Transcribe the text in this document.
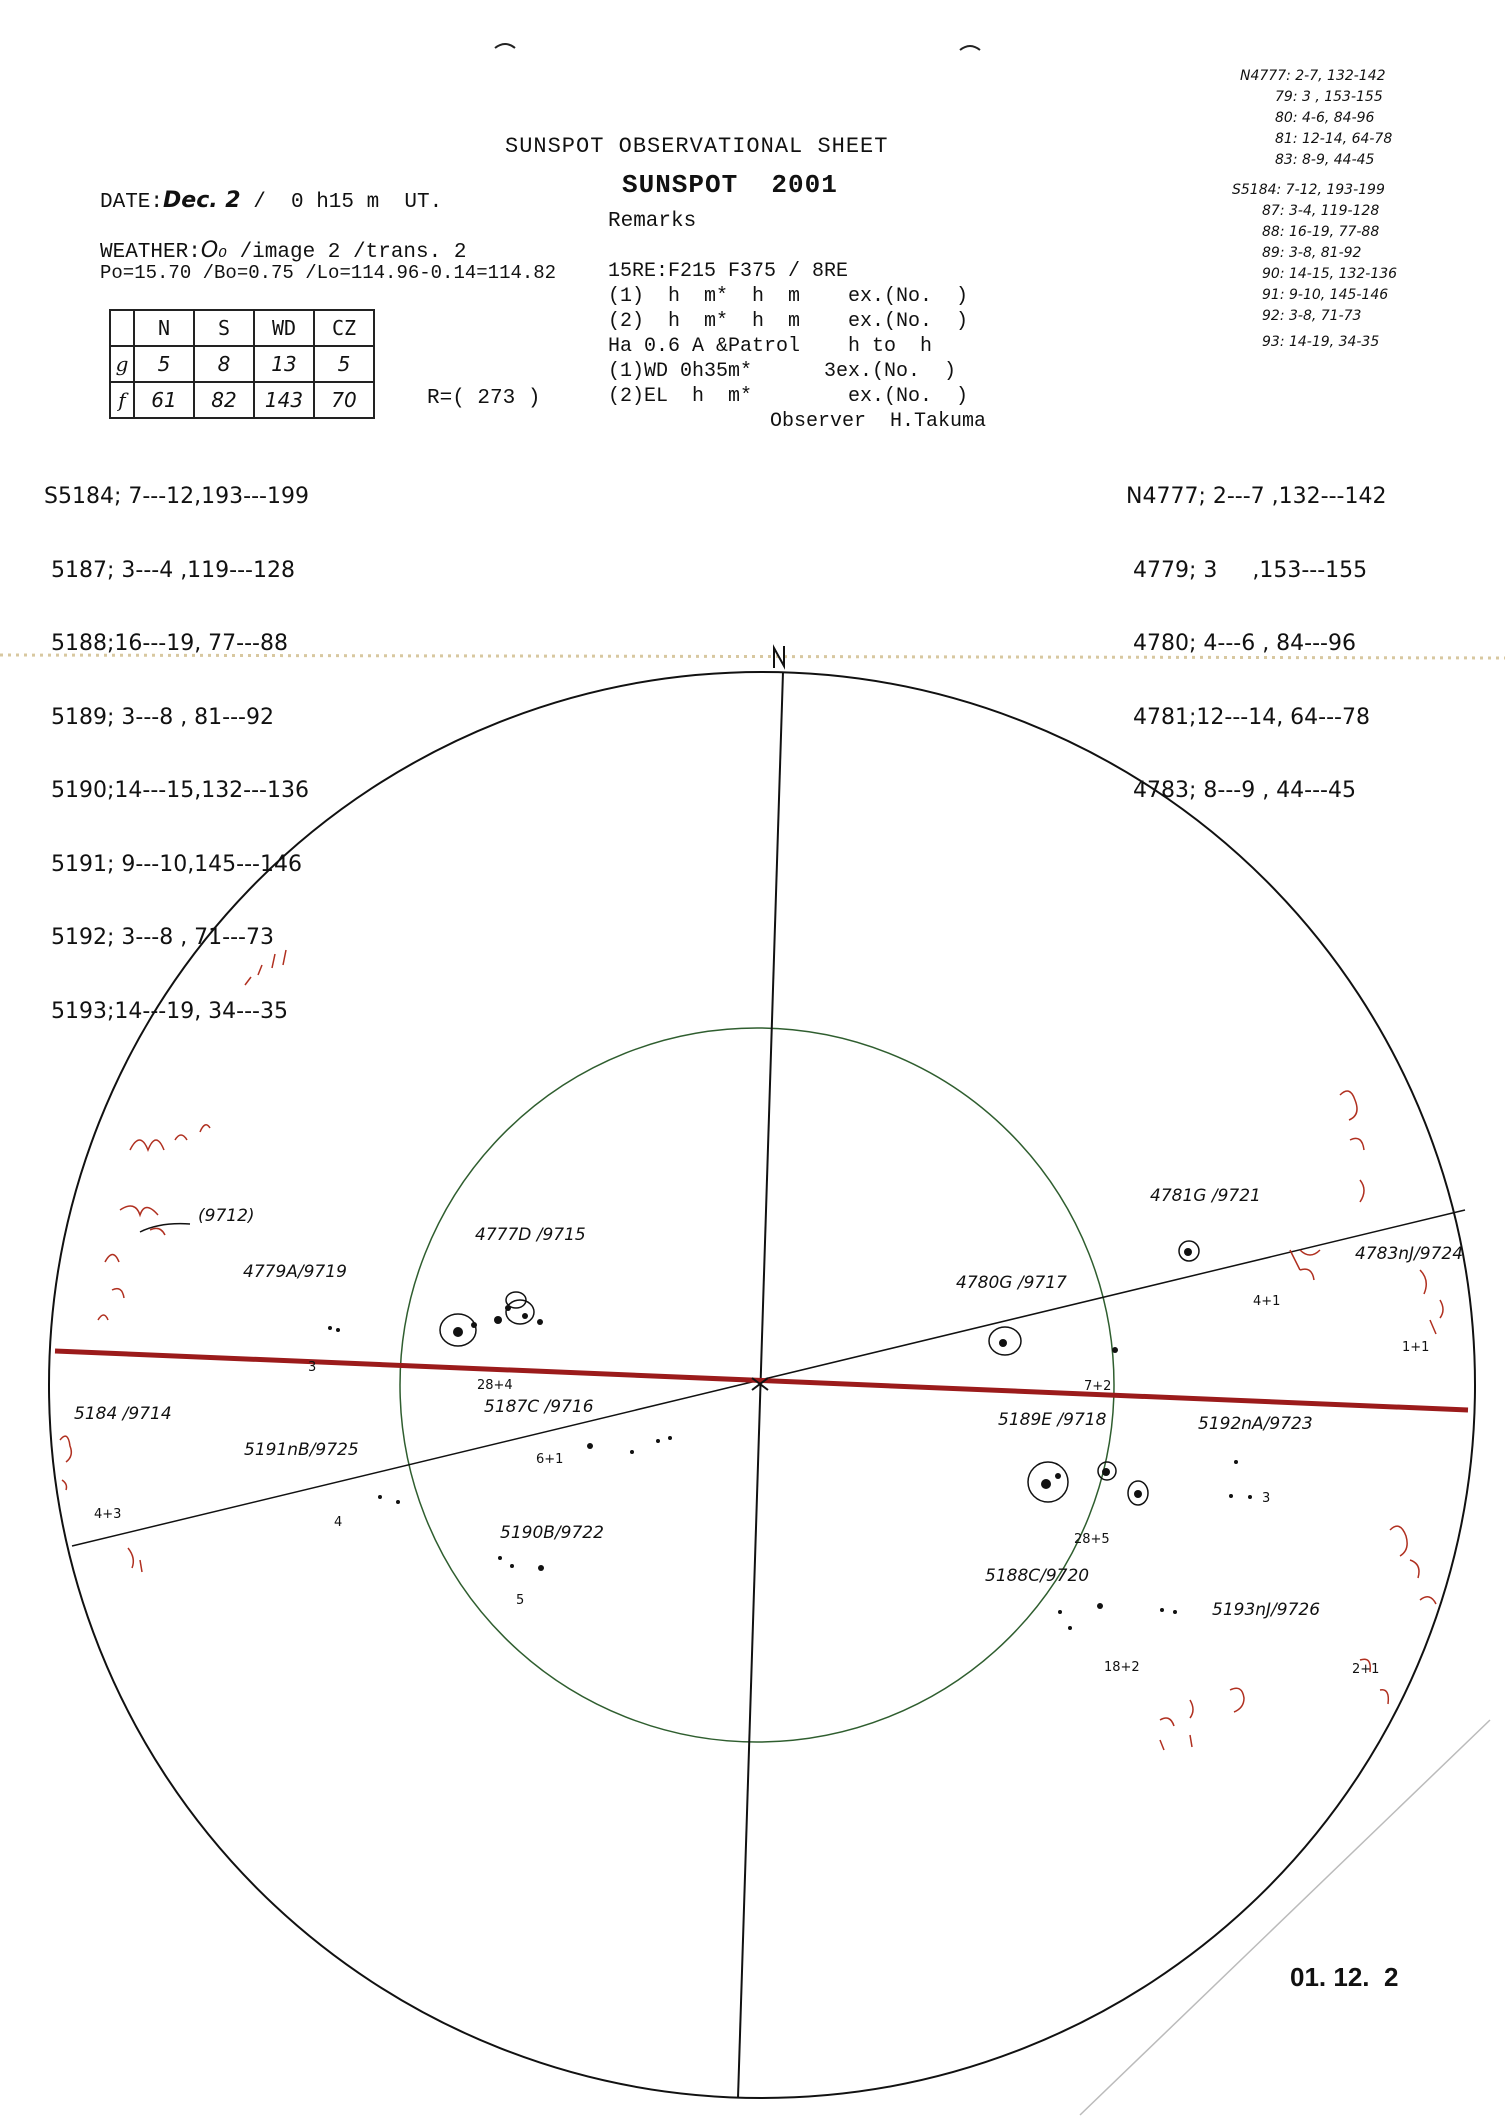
SUNSPOT OBSERVATIONAL SHEET
SUNSPOT  2001
Remarks
DATE:Dec. 2 /  0 h15 m  UT.
WEATHER:O₀ /image 2 /trans. 2
Po=15.70 /Bo=0.75 /Lo=114.96-0.14=114.82
	N	S	WD	CZ
g	5	8	13	5
f	61	82	143	70	R=( 273 )
15RE:F215 F375 / 8RE
(1)  h  m*  h  m    ex.(No.  )
(2)  h  m*  h  m    ex.(No.  )
Ha 0.6 A &Patrol    h to  h
(1)WD 0h35m*      3ex.(No.  )
(2)EL  h  m*        ex.(No.  )
Observer  H.Takuma
N4777: 2-7, 132-142
79: 3 , 153-155
80: 4-6, 84-96
81: 12-14, 64-78
83: 8-9, 44-45
S5184: 7-12, 193-199
87: 3-4, 119-128
88: 16-19, 77-88
89: 3-8, 81-92
90: 14-15, 132-136
91: 9-10, 145-146
92: 3-8, 71-73
93: 14-19, 34-35

S5184; 7---12,193---199

5187; 3---4 ,119---128

5188;16---19, 77---88

5189; 3---8 , 81---92

5190;14---15,132---136

5191; 9---10,145---146

5192; 3---8 , 71---73

5193;14---19, 34---35

N4777; 2---7 ,132---142

4779; 3     ,153---155

4780; 4---6 , 84---96

4781;12---14, 64---78

4783; 8---9 , 44---45

(9712)
4779A/9719
4777D /9715
5187C /9716
5184 /9714
5191nB/9725
5190B/9722
4781G /9721
4783nJ/9724
4780G /9717
5189E /9718	5192nA/9723
5188C/9720
5193nJ/9726
3
28+4
6+1
4
5
4+3
4+1
1+1
7+2
3
28+5
18+2	2+1
01. 12.  2
